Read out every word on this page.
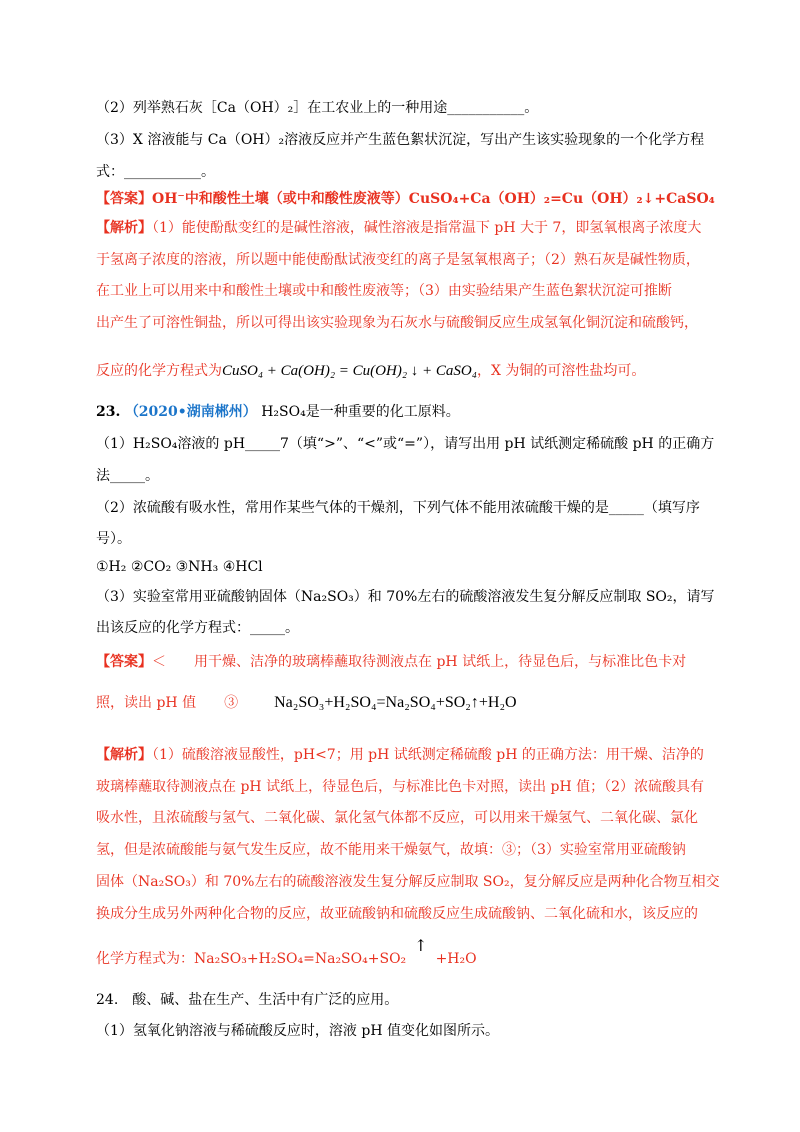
（2）列举熟石灰［Ca（OH）₂］在工农业上的一种用途___________。
（3）X 溶液能与 Ca（OH）₂溶液反应并产生蓝色絮状沉淀，写出产生该实验现象的一个化学方程
式：___________。
【答案】OH⁻中和酸性土壤（或中和酸性废液等）CuSO₄+Ca（OH）₂=Cu（OH）₂↓+CaSO₄
【解析】（1）能使酚酞变红的是碱性溶液，碱性溶液是指常温下 pH 大于 7，即氢氧根离子浓度大
于氢离子浓度的溶液，所以题中能使酚酞试液变红的离子是氢氧根离子；（2）熟石灰是碱性物质，
在工业上可以用来中和酸性土壤或中和酸性废液等；（3）由实验结果产生蓝色絮状沉淀可推断
出产生了可溶性铜盐，所以可得出该实验现象为石灰水与硫酸铜反应生成氢氧化铜沉淀和硫酸钙，
反应的化学方程式为CuSO₄ + Ca(OH)₂ = Cu(OH)₂ ↓ + CaSO₄，X 为铜的可溶性盐均可。
23. （2020•湖南郴州） H₂SO₄是一种重要的化工原料。
（1）H₂SO₄溶液的 pH_____7（填“>”、“<”或“=”），请写出用 pH 试纸测定稀硫酸 pH 的正确方
法_____。
（2）浓硫酸有吸水性，常用作某些气体的干燥剂，下列气体不能用浓硫酸干燥的是_____（填写序
号）。
①H₂ ②CO₂ ③NH₃ ④HCl
（3）实验室常用亚硫酸钠固体（Na₂SO₃）和 70%左右的硫酸溶液发生复分解反应制取 SO₂，请写
出该反应的化学方程式：_____。
【答案】＜　　用干燥、洁净的玻璃棒蘸取待测液点在 pH 试纸上，待显色后，与标准比色卡对
照，读出 pH 值　　③ Na₂SO₃+H₂SO₄=Na₂SO₄+SO₂↑+H₂O
【解析】（1）硫酸溶液显酸性，pH<7；用 pH 试纸测定稀硫酸 pH 的正确方法：用干燥、洁净的
玻璃棒蘸取待测液点在 pH 试纸上，待显色后，与标准比色卡对照，读出 pH 值；（2）浓硫酸具有
吸水性，且浓硫酸与氢气、二氧化碳、氯化氢气体都不反应，可以用来干燥氢气、二氧化碳、氯化
氢，但是浓硫酸能与氨气发生反应，故不能用来干燥氨气，故填：③；（3）实验室常用亚硫酸钠
固体（Na₂SO₃）和 70%左右的硫酸溶液发生复分解反应制取 SO₂，复分解反应是两种化合物互相交
换成分生成另外两种化合物的反应，故亚硫酸钠和硫酸反应生成硫酸钠、二氧化硫和水，该反应的
化学方程式为：Na₂SO₃+H₂SO₄=Na₂SO₄+SO₂↑+H₂O
24.　酸、碱、盐在生产、生活中有广泛的应用。
（1）氢氧化钠溶液与稀硫酸反应时，溶液 pH 值变化如图所示。
